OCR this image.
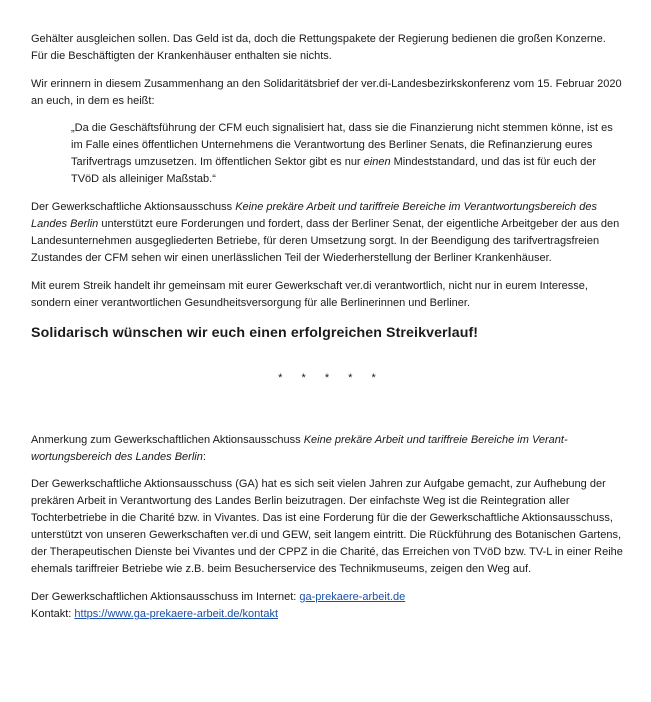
Gehälter ausgleichen sollen. Das Geld ist da, doch die Rettungspakete der Regierung bedienen die großen Konzerne. Für die Beschäftigten der Krankenhäuser enthalten sie nichts.

Wir erinnern in diesem Zusammenhang an den Solidaritätsbrief der ver.di-Landesbezirkskonferenz vom 15. Februar 2020 an euch, in dem es heißt:

„Da die Geschäftsführung der CFM euch signalisiert hat, dass sie die Finanzierung nicht stemmen könne, ist es im Falle eines öffentlichen Unternehmens die Verantwortung des Berliner Senats, die Refinanzierung eures Tarifvertrags umzusetzen. Im öffentlichen Sektor gibt es nur einen Mindeststandard, und das ist für euch der TVöD als alleiniger Maßstab.“

Der Gewerkschaftliche Aktionsausschuss Keine prekäre Arbeit und tariffreie Bereiche im Verantwortungsbereich des Landes Berlin unterstützt eure Forderungen und fordert, dass der Berliner Senat, der eigentliche Arbeitgeber der aus den Landesunternehmen ausgegliederten Betriebe, für deren Umsetzung sorgt. In der Beendigung des tarifvertragsfreien Zustandes der CFM sehen wir einen unerlässlichen Teil der Wiederherstellung der Berliner Krankenhäuser.

Mit eurem Streik handelt ihr gemeinsam mit eurer Gewerkschaft ver.di verantwortlich, nicht nur in eurem Interesse, sondern einer verantwortlichen Gesundheitsversorgung für alle Berlinerinnen und Berliner.

Solidarisch wünschen wir euch einen erfolgreichen Streikverlauf!
* * * * *

Anmerkung zum Gewerkschaftlichen Aktionsausschuss Keine prekäre Arbeit und tariffreie Bereiche im Verant-wortungsbereich des Landes Berlin:

Der Gewerkschaftliche Aktionsausschuss (GA) hat es sich seit vielen Jahren zur Aufgabe gemacht, zur Aufhebung der prekären Arbeit in Verantwortung des Landes Berlin beizutragen. Der einfachste Weg ist die Reintegration aller Tochterbetriebe in die Charité bzw. in Vivantes. Das ist eine Forderung für die der Gewerkschaftliche Aktionsausschuss, unterstützt von unseren Gewerkschaften ver.di und GEW, seit langem eintritt. Die Rückführung des Botanischen Gartens, der Therapeutischen Dienste bei Vivantes und der CPPZ in die Charité, das Erreichen von TVöD bzw. TV-L in einer Reihe ehemals tariffreier Betriebe wie z.B. beim Besucherservice des Technikmuseums, zeigen den Weg auf.

Der Gewerkschaftlichen Aktionsausschuss im Internet: ga-prekaere-arbeit.de

Kontakt: https://www.ga-prekaere-arbeit.de/kontakt
